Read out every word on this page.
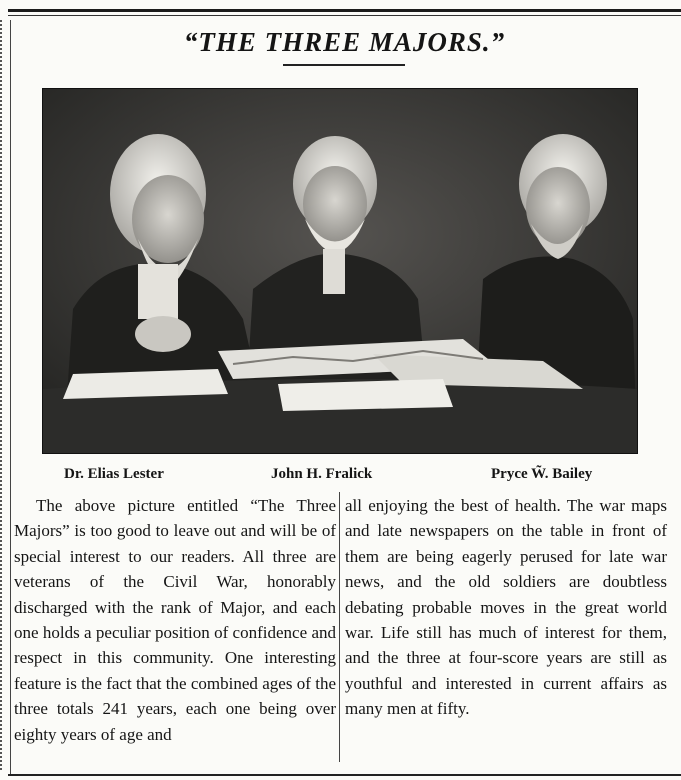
“THE THREE MAJORS.”
Dr. Elias Lester	John H. Fralick	Pryce W̃. Bailey

The above picture entitled “The Three Majors” is too good to leave out and will be of special interest to our readers. All three are veterans of the Civil War, honorably discharged with the rank of Major, and each one holds a peculiar position of confidence and respect in this community. One interesting feature is the fact that the combined ages of the three totals 241 years, each one being over eighty years of age and

all enjoying the best of health. The war maps and late newspapers on the table in front of them are being eagerly perused for late war news, and the old soldiers are doubtless debating probable moves in the great world war. Life still has much of interest for them, and the three at four-score years are still as youthful and interested in current affairs as many men at fifty.
